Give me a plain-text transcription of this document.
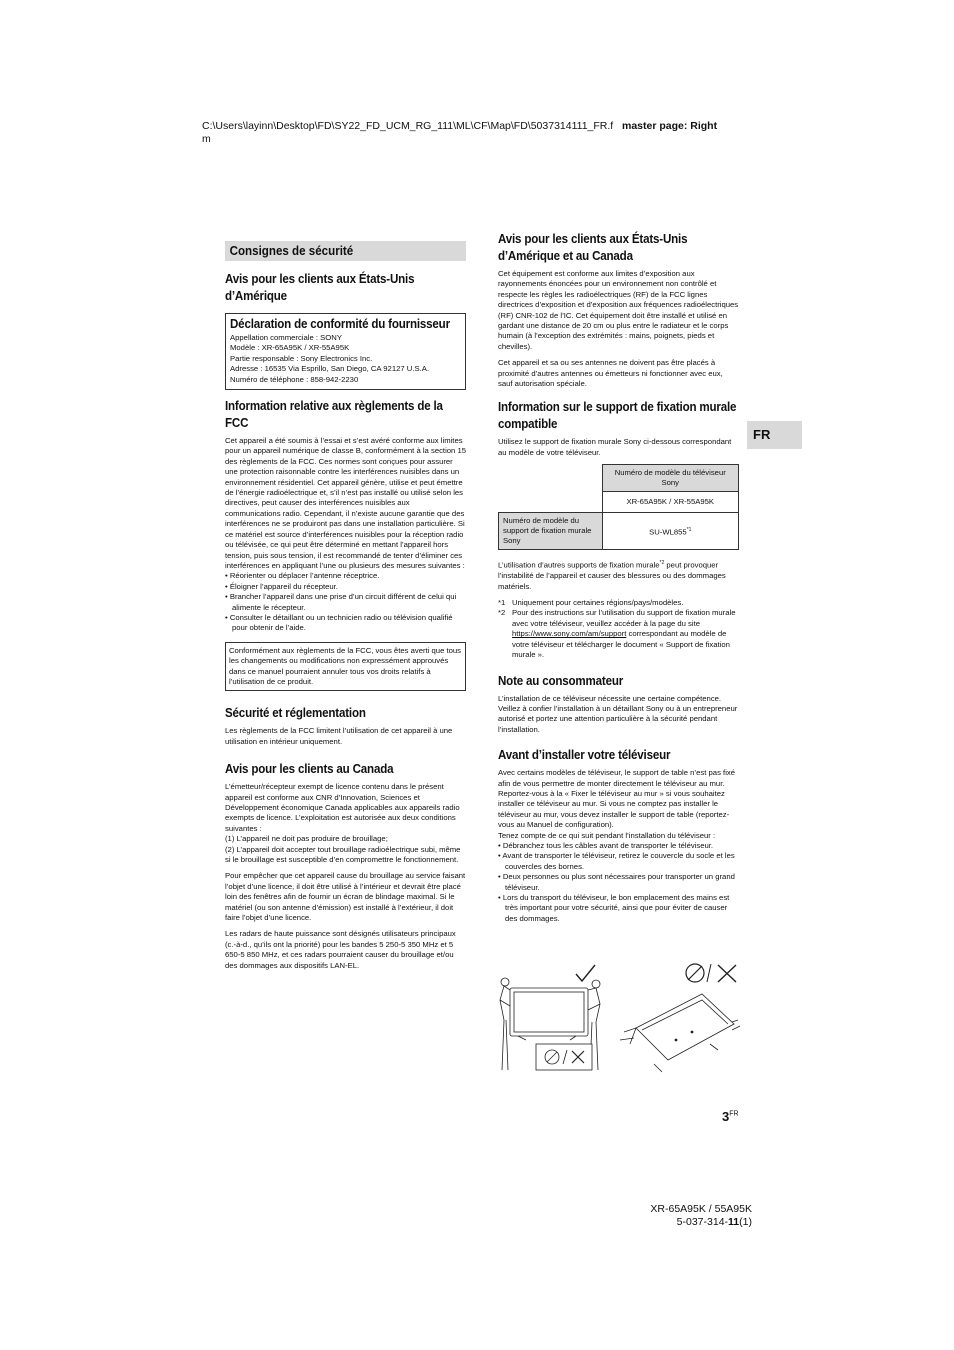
C:\Users\layinn\Desktop\FD\SY22_FD_UCM_RG_111\ML\CF\Map\FD\5037314111_FR.f master page: Right
m
Consignes de sécurité
Avis pour les clients aux États-Unis d’Amérique
Déclaration de conformité du fournisseur
Appellation commerciale : SONY
Modèle : XR-65A95K / XR-55A95K
Partie responsable : Sony Electronics Inc.
Adresse : 16535 Via Esprillo, San Diego, CA 92127 U.S.A.
Numéro de téléphone : 858-942-2230
Information relative aux règlements de la FCC

Cet appareil a été soumis à l’essai et s’est avéré conforme aux limites pour un appareil numérique de classe B, conformément à la section 15 des règlements de la FCC. Ces normes sont conçues pour assurer une protection raisonnable contre les interférences nuisibles dans un environnement résidentiel. Cet appareil génère, utilise et peut émettre de l’énergie radioélectrique et, s’il n’est pas installé ou utilisé selon les directives, peut causer des interférences nuisibles aux communications radio. Cependant, il n’existe aucune garantie que des interférences ne se produiront pas dans une installation particulière. Si ce matériel est source d’interférences nuisibles pour la réception radio ou télévisée, ce qui peut être déterminé en mettant l’appareil hors tension, puis sous tension, il est recommandé de tenter d’éliminer ces interférences en appliquant l’une ou plusieurs des mesures suivantes :

• Réorienter ou déplacer l’antenne réceptrice.
• Éloigner l’appareil du récepteur.
• Brancher l’appareil dans une prise d’un circuit différent de celui qui alimente le récepteur.
• Consulter le détaillant ou un technicien radio ou télévision qualifié pour obtenir de l’aide.
Conformément aux règlements de la FCC, vous êtes averti que tous les changements ou modifications non expressément approuvés dans ce manuel pourraient annuler tous vos droits relatifs à l’utilisation de ce produit.
Sécurité et réglementation

Les règlements de la FCC limitent l’utilisation de cet appareil à une utilisation en intérieur uniquement.

Avis pour les clients au Canada
L’émetteur/récepteur exempt de licence contenu dans le présent appareil est conforme aux CNR d’Innovation, Sciences et Développement économique Canada applicables aux appareils radio exempts de licence. L’exploitation est autorisée aux deux conditions suivantes :
(1) L’appareil ne doit pas produire de brouillage;

(2) L’appareil doit accepter tout brouillage radioélectrique subi, même si le brouillage est susceptible d’en compromettre le fonctionnement.

Pour empêcher que cet appareil cause du brouillage au service faisant l’objet d’une licence, il doit être utilisé à l’intérieur et devrait être placé loin des fenêtres afin de fournir un écran de blindage maximal. Si le matériel (ou son antenne d’émission) est installé à l’extérieur, il doit faire l’objet d’une licence.

Les radars de haute puissance sont désignés utilisateurs principaux (c.-à-d., qu’ils ont la priorité) pour les bandes 5 250-5 350 MHz et 5 650-5 850 MHz, et ces radars pourraient causer du brouillage et/ou des dommages aux dispositifs LAN-EL.

Avis pour les clients aux États-Unis d’Amérique et au Canada

Cet équipement est conforme aux limites d’exposition aux rayonnements énoncées pour un environnement non contrôlé et respecte les règles les radioélectriques (RF) de la FCC lignes directrices d’exposition et d’exposition aux fréquences radioélectriques (RF) CNR-102 de l’IC. Cet équipement doit être installé et utilisé en gardant une distance de 20 cm ou plus entre le radiateur et le corps humain (à l’exception des extrémités : mains, poignets, pieds et chevilles).

Cet appareil et sa ou ses antennes ne doivent pas être placés à proximité d’autres antennes ou émetteurs ni fonctionner avec eux, sauf autorisation spéciale.

Information sur le support de fixation murale compatible

Utilisez le support de fixation murale Sony ci-dessous correspondant au modèle de votre téléviseur.

	Numéro de modèle du téléviseur Sony
	XR-65A95K / XR-55A95K
Numéro de modèle du support de fixation murale Sony	SU-WL855$^{*1}$

L’utilisation d’autres supports de fixation murale$^{*2}$ peut provoquer l’instabilité de l’appareil et causer des blessures ou des dommages matériels.

*1 Uniquement pour certaines régions/pays/modèles.
*2 Pour des instructions sur l’utilisation du support de fixation murale avec votre téléviseur, veuillez accéder à la page du site https://www.sony.com/am/support correspondant au modèle de votre téléviseur et télécharger le document « Support de fixation murale ».
Note au consommateur

L’installation de ce téléviseur nécessite une certaine compétence. Veillez à confier l’installation à un détaillant Sony ou à un entrepreneur autorisé et portez une attention particulière à la sécurité pendant l’installation.

Avant d’installer votre téléviseur
Avec certains modèles de téléviseur, le support de table n’est pas fixé afin de vous permettre de monter directement le téléviseur au mur. Reportez-vous à la « Fixer le téléviseur au mur » si vous souhaitez installer ce téléviseur au mur. Si vous ne comptez pas installer le téléviseur au mur, vous devez installer le support de table (reportez-vous au Manuel de configuration).
Tenez compte de ce qui suit pendant l’installation du téléviseur :
• Débranchez tous les câbles avant de transporter le téléviseur.
• Avant de transporter le téléviseur, retirez le couvercle du socle et les couvercles des bornes.
• Deux personnes ou plus sont nécessaires pour transporter un grand téléviseur.
• Lors du transport du téléviseur, le bon emplacement des mains est très important pour votre sécurité, ainsi que pour éviter de causer des dommages.
FR
$3^{FR}$
XR-65A95K / 55A95K
5-037-314-11(1)
